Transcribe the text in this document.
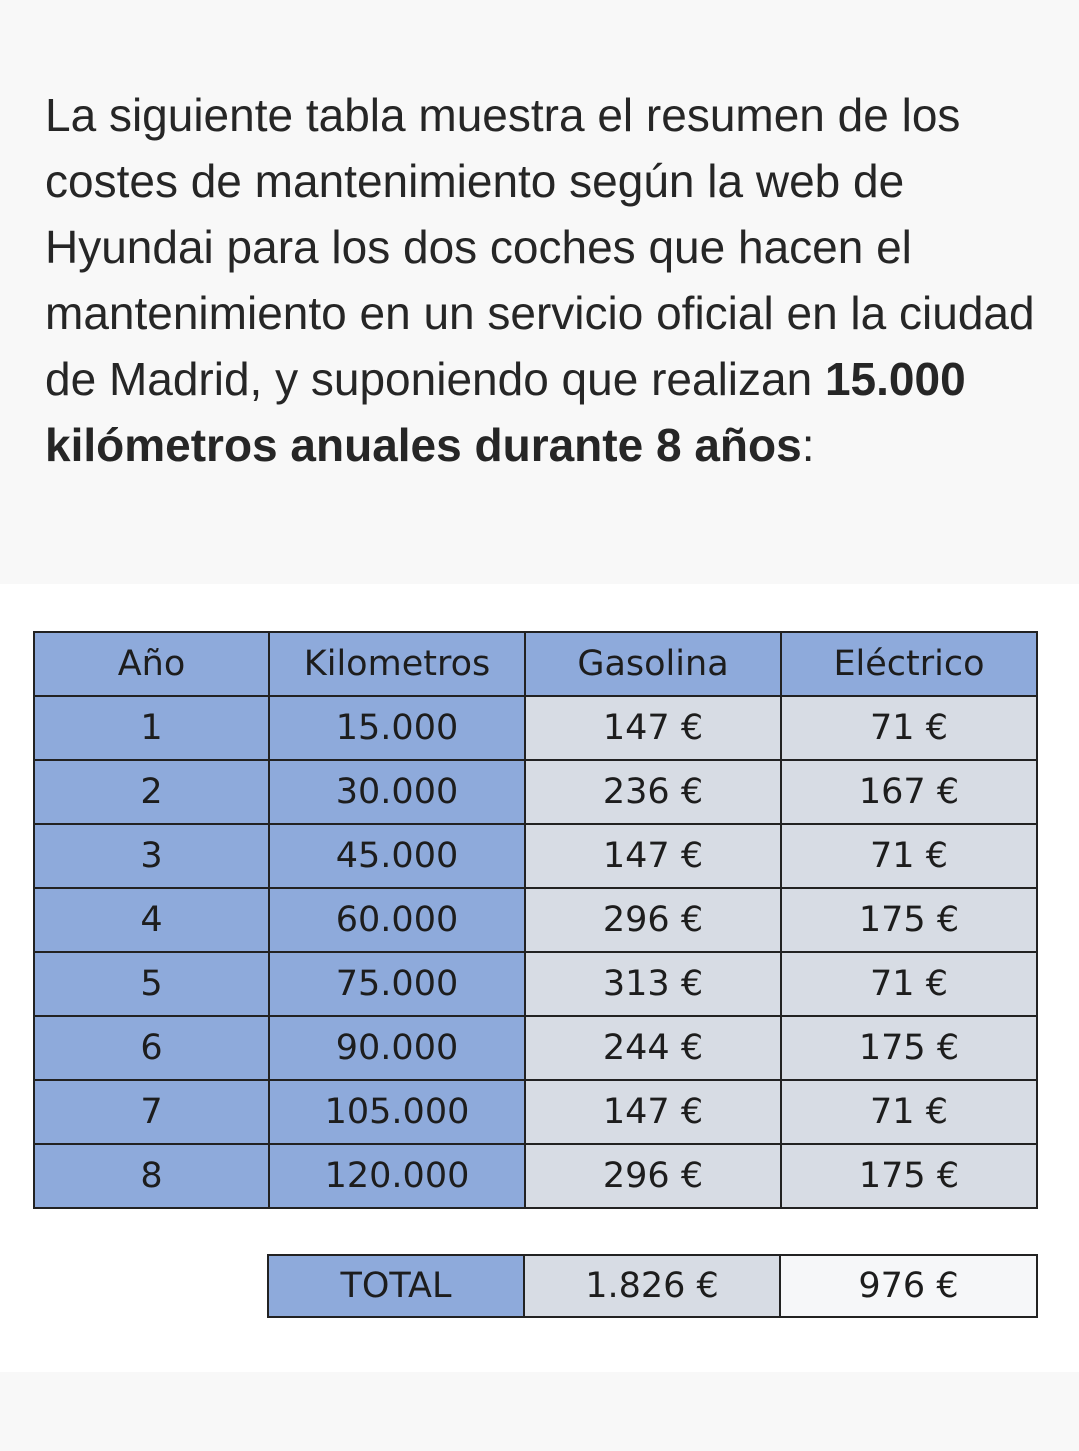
La siguiente tabla muestra el resumen de los costes de mantenimiento según la web de Hyundai para los dos coches que hacen el mantenimiento en un servicio oficial en la ciudad de Madrid, y suponiendo que realizan 15.000 kilómetros anuales durante 8 años:

Año	Kilometros	Gasolina	Eléctrico
1	15.000	147 €	71 €
2	30.000	236 €	167 €
3	45.000	147 €	71 €
4	60.000	296 €	175 €
5	75.000	313 €	71 €
6	90.000	244 €	175 €
7	105.000	147 €	71 €
8	120.000	296 €	175 €
TOTAL	1.826 €	976 €
